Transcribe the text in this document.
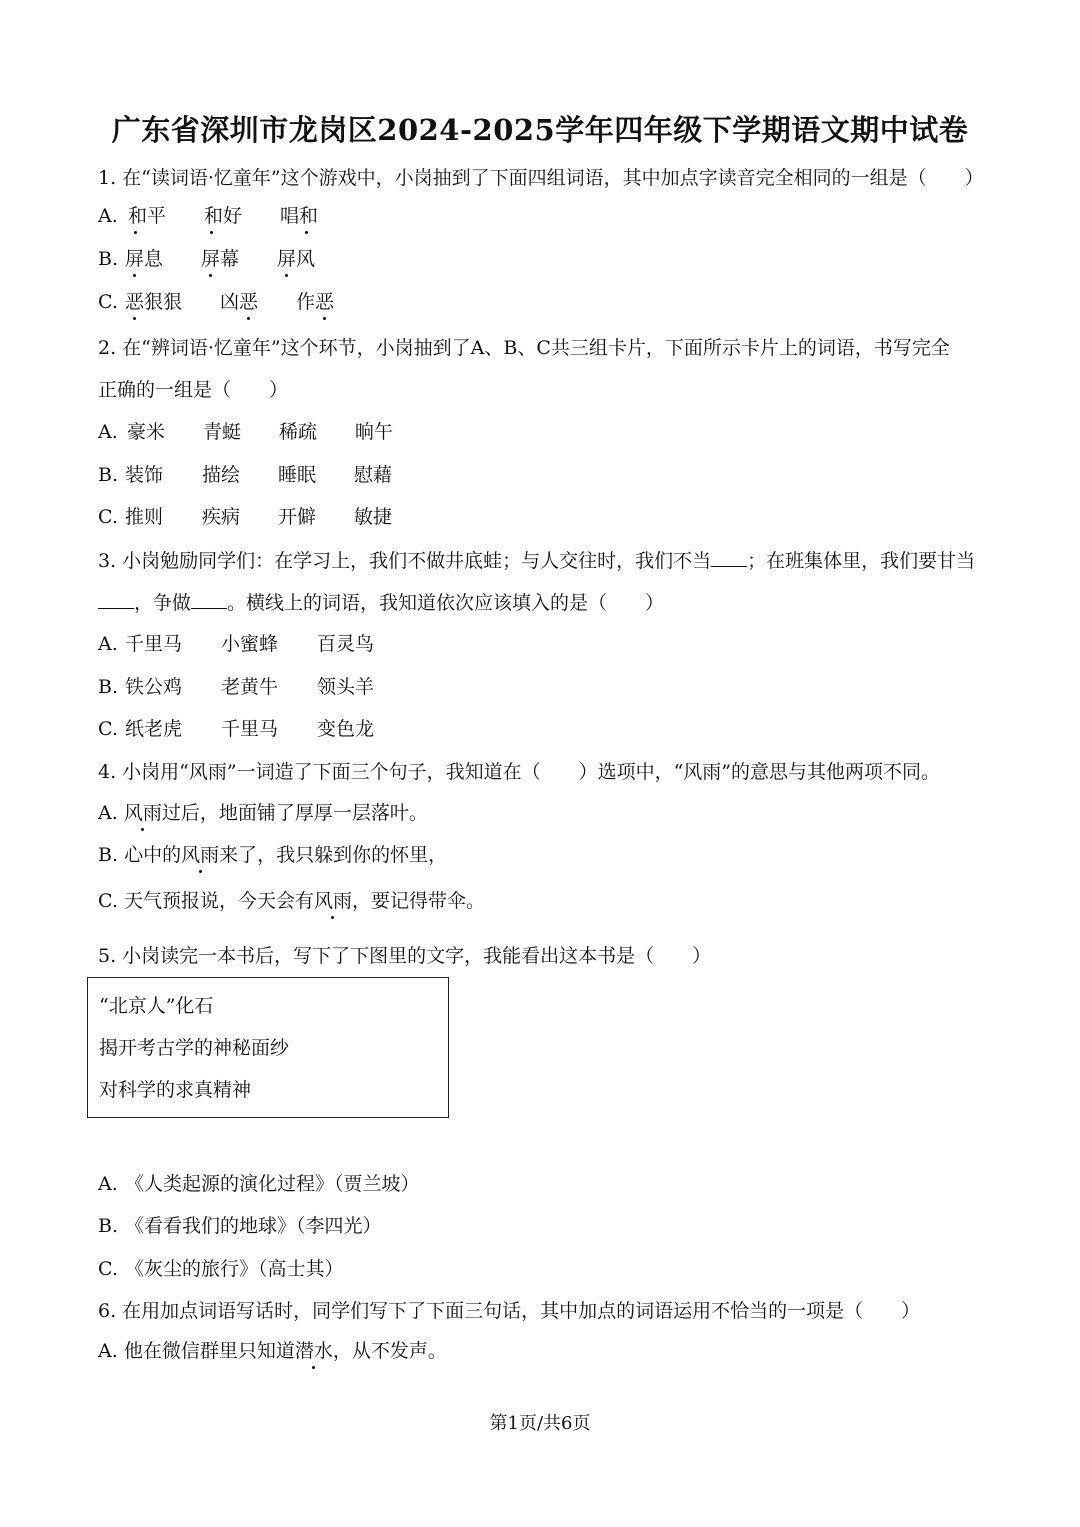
广东省深圳市龙岗区2024-2025学年四年级下学期语文期中试卷
1. 在“读词语·忆童年”这个游戏中，小岗抽到了下面四组词语，其中加点字读音完全相同的一组是（　　）
A. 和平 和好 唱和
B. 屏息 屏幕 屏风
C. 恶狠狠 凶恶 作恶
2. 在“辨词语·忆童年”这个环节，小岗抽到了A、B、C共三组卡片，下面所示卡片上的词语，书写完全
正确的一组是（　　）
A. 豪米 青蜓 稀疏 晌午
B. 装饰 描绘 睡眠 慰藉
C. 推则 疾病 开僻 敏捷
3. 小岗勉励同学们：在学习上，我们不做井底蛙；与人交往时，我们不当 ；在班集体里，我们要甘当
，争做 。横线上的词语，我知道依次应该填入的是（　　）
A. 千里马 小蜜蜂 百灵鸟
B. 铁公鸡 老黄牛 领头羊
C. 纸老虎 千里马 变色龙
4. 小岗用“风雨”一词造了下面三个句子，我知道在（　　）选项中，“风雨”的意思与其他两项不同。
A. 风雨过后，地面铺了厚厚一层落叶。
B. 心中的风雨来了，我只躲到你的怀里，
C. 天气预报说，今天会有风雨，要记得带伞。
5. 小岗读完一本书后，写下了下图里的文字，我能看出这本书是（　　）
“北京人”化石
揭开考古学的神秘面纱
对科学的求真精神
A. 《人类起源的演化过程》（贾兰坡）
B. 《看看我们的地球》（李四光）
C. 《灰尘的旅行》（高士其）
6. 在用加点词语写话时，同学们写下了下面三句话，其中加点的词语运用不恰当的一项是（　　）
A. 他在微信群里只知道潜水，从不发声。
第1页/共6页
